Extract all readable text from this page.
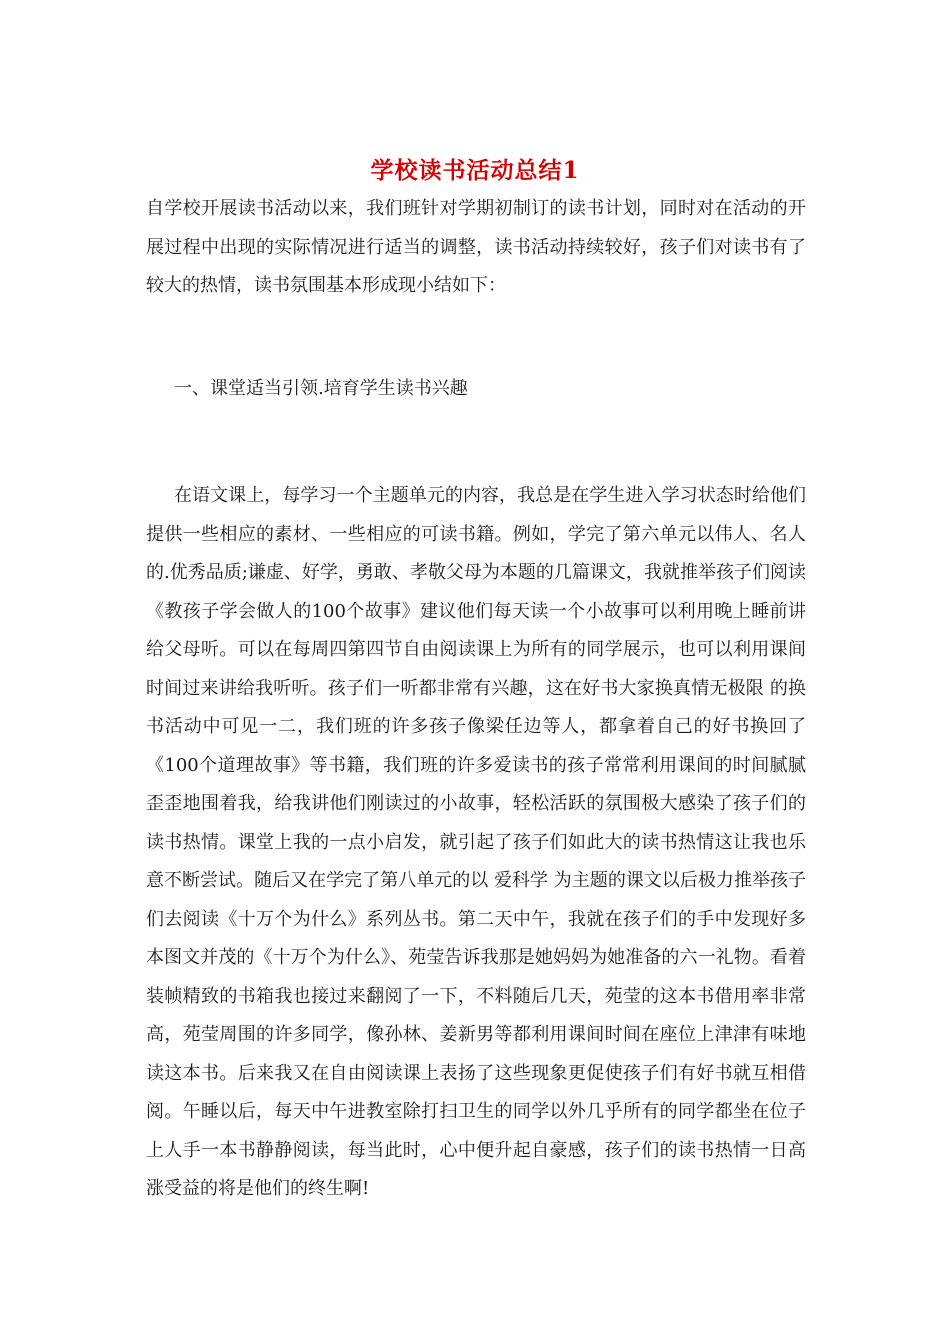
学校读书活动总结1

自学校开展读书活动以来，我们班针对学期初制订的读书计划，同时对在活动的开展过程中出现的实际情况进行适当的调整，读书活动持续较好，孩子们对读书有了较大的热情，读书氛围基本形成现小结如下：

一、课堂适当引领.培育学生读书兴趣

在语文课上，每学习一个主题单元的内容，我总是在学生进入学习状态时给他们提供一些相应的素材、一些相应的可读书籍。例如，学完了第六单元以伟人、名人的.优秀品质;谦虚、好学，勇敢、孝敬父母为本题的几篇课文，我就推举孩子们阅读《教孩子学会做人的100个故事》建议他们每天读一个小故事可以利用晚上睡前讲给父母听。可以在每周四第四节自由阅读课上为所有的同学展示，也可以利用课间时间过来讲给我听听。孩子们一听都非常有兴趣，这在好书大家换真情无极限 的换书活动中可见一二，我们班的许多孩子像梁任边等人，都拿着自己的好书换回了《100个道理故事》等书籍，我们班的许多爱读书的孩子常常利用课间的时间腻腻歪歪地围着我，给我讲他们刚读过的小故事，轻松活跃的氛围极大感染了孩子们的读书热情。课堂上我的一点小启发，就引起了孩子们如此大的读书热情这让我也乐意不断尝试。随后又在学完了第八单元的以 爱科学 为主题的课文以后极力推举孩子们去阅读《十万个为什么》系列丛书。第二天中午，我就在孩子们的手中发现好多本图文并茂的《十万个为什么》、苑莹告诉我那是她妈妈为她准备的六一礼物。看着装帧精致的书箱我也接过来翻阅了一下，不料随后几天，苑莹的这本书借用率非常高，苑莹周围的许多同学，像孙林、姜新男等都利用课间时间在座位上津津有味地读这本书。后来我又在自由阅读课上表扬了这些现象更促使孩子们有好书就互相借阅。午睡以后，每天中午进教室除打扫卫生的同学以外几乎所有的同学都坐在位子上人手一本书静静阅读，每当此时，心中便升起自豪感，孩子们的读书热情一日高涨受益的将是他们的终生啊!
